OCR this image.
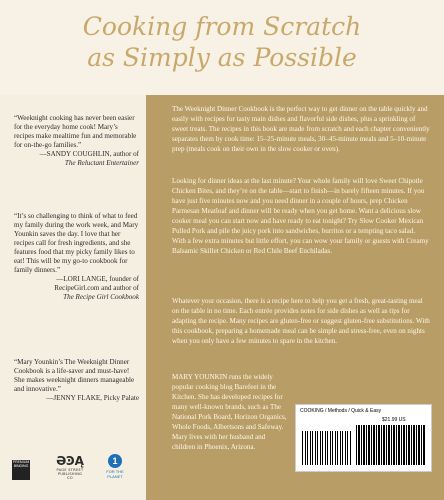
Cooking from Scratch
as Simply as Possible
“Weeknight cooking has never been easier for the everyday home cook! Mary’s recipes make mealtime fun and memorable for on-the-go families.”
—SANDY COUGHLIN, author of
The Reluctant Entertainer
“It’s so challenging to think of what to feed my family during the work week, and Mary Younkin saves the day. I love that her recipes call for fresh ingredients, and she features food that my picky family likes to eat! This will be my go-to cookbook for family dinners.”
—LORI LANGE, founder of RecipeGirl.com and author of
The Recipe Girl Cookbook
“Mary Younkin’s The Weeknight Dinner Cookbook is a life-saver and must-have! She makes weeknight dinners manageable and innovative.”
—JENNY FLAKE, Picky Palate
The Weeknight Dinner Cookbook is the perfect way to get dinner on the table quickly and easily with recipes for tasty main dishes and flavorful side dishes, plus a sprinkling of sweet treats. The recipes in this book are made from scratch and each chapter conveniently separates them by cook time: 15–25-minute meals, 30–45-minute meals and 5–10-minute prep (meals cook on their own in the slow cooker or oven).
Looking for dinner ideas at the last minute? Your whole family will love Sweet Chipotle Chicken Bites, and they’re on the table—start to finish—in barely fifteen minutes. If you have just five minutes now and you need dinner in a couple of hours, prep Chicken Parmesan Meatloaf and dinner will be ready when you get home. Want a delicious slow cooker meal you can start now and have ready to eat tonight? Try Slow Cooker Mexican Pulled Pork and pile the juicy pork into sandwiches, burritos or a tempting taco salad. With a few extra minutes but little effort, you can wow your family or guests with Creamy Balsamic Skillet Chicken or Red Chile Beef Enchiladas.
Whatever your occasion, there is a recipe here to help you get a fresh, great-tasting meal on the table in no time. Each entrée provides notes for side dishes as well as tips for adapting the recipe. Many recipes are gluten-free or suggest gluten-free substitutions. With this cookbook, preparing a homemade meal can be simple and stress-free, even on nights when you only have a few minutes to spare in the kitchen.
MARY YOUNKIN runs the widely popular cooking blog Barefeet in the Kitchen. She has developed recipes for many well-known brands, such as The National Pork Board, Horizon Organics, Whole Foods, Albertsons and Safeway. Mary lives with her husband and children in Phoenix, Arizona.
PREMIUM BINDING ƏϿĄ
PAGE STREET
PUBLISHING CO
1
FOR THE PLANET
COOKING / Methods / Quick & Easy
$21.99 US
